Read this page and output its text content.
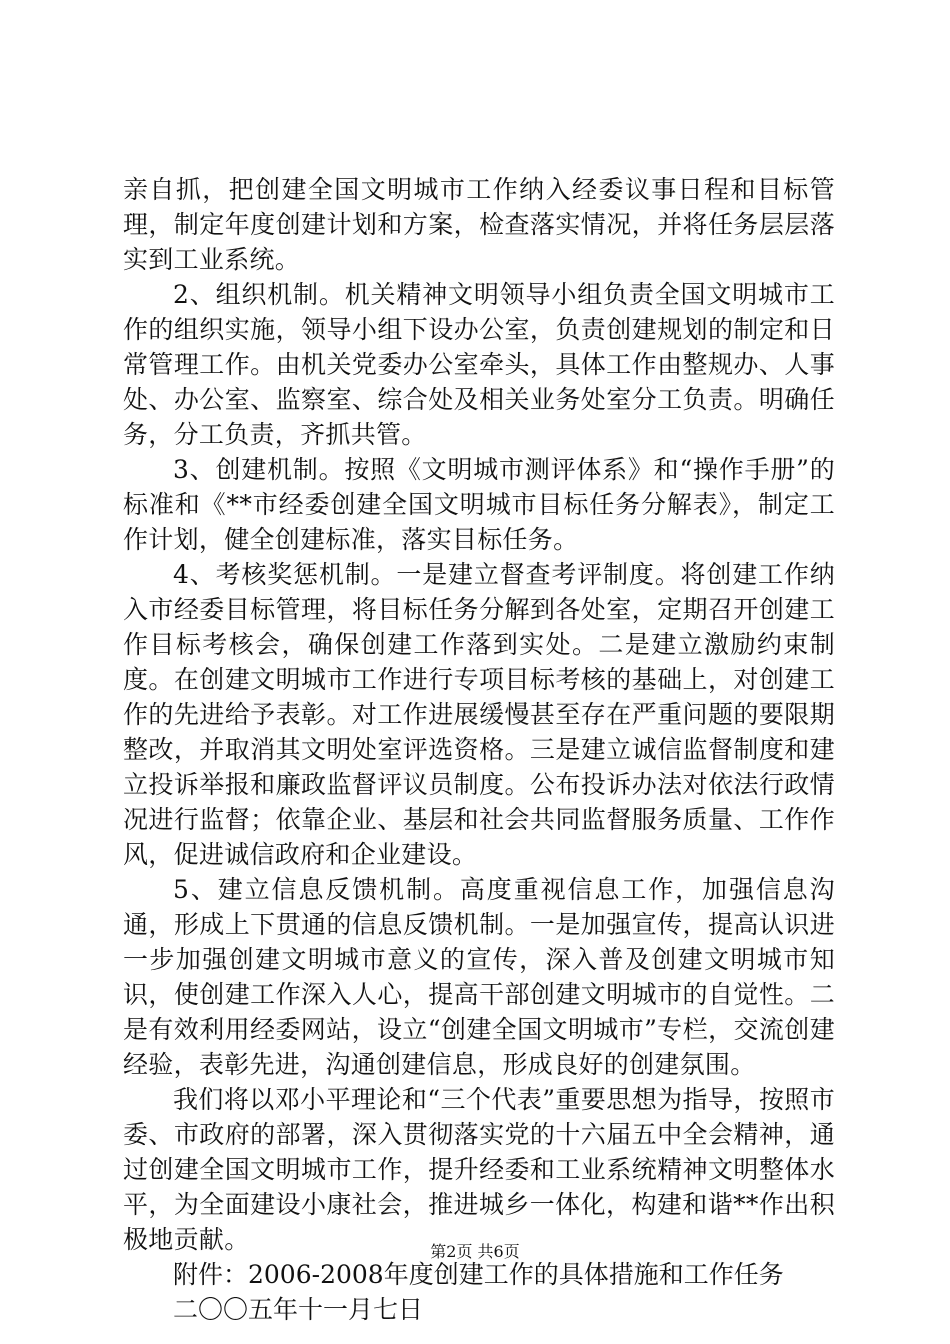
亲自抓，把创建全国文明城市工作纳入经委议事日程和目标管理，制定年度创建计划和方案，检查落实情况，并将任务层层落实到工业系统。

2、组织机制。机关精神文明领导小组负责全国文明城市工作的组织实施，领导小组下设办公室，负责创建规划的制定和日常管理工作。由机关党委办公室牵头，具体工作由整规办、人事处、办公室、监察室、综合处及相关业务处室分工负责。明确任务，分工负责，齐抓共管。

3、创建机制。按照《文明城市测评体系》和“操作手册”的标准和《**市经委创建全国文明城市目标任务分解表》，制定工作计划，健全创建标准，落实目标任务。

4、考核奖惩机制。一是建立督查考评制度。将创建工作纳入市经委目标管理，将目标任务分解到各处室，定期召开创建工作目标考核会，确保创建工作落到实处。二是建立激励约束制度。在创建文明城市工作进行专项目标考核的基础上，对创建工作的先进给予表彰。对工作进展缓慢甚至存在严重问题的要限期整改，并取消其文明处室评选资格。三是建立诚信监督制度和建立投诉举报和廉政监督评议员制度。公布投诉办法对依法行政情况进行监督；依靠企业、基层和社会共同监督服务质量、工作作风，促进诚信政府和企业建设。

5、建立信息反馈机制。高度重视信息工作，加强信息沟通，形成上下贯通的信息反馈机制。一是加强宣传，提高认识进一步加强创建文明城市意义的宣传，深入普及创建文明城市知识，使创建工作深入人心，提高干部创建文明城市的自觉性。二是有效利用经委网站，设立“创建全国文明城市”专栏，交流创建经验，表彰先进，沟通创建信息，形成良好的创建氛围。

我们将以邓小平理论和“三个代表”重要思想为指导，按照市委、市政府的部署，深入贯彻落实党的十六届五中全会精神，通过创建全国文明城市工作，提升经委和工业系统精神文明整体水平，为全面建设小康社会，推进城乡一体化，构建和谐**作出积极地贡献。

附件：2006-2008年度创建工作的具体措施和工作任务

二〇〇五年十一月七日

第2页 共6页
